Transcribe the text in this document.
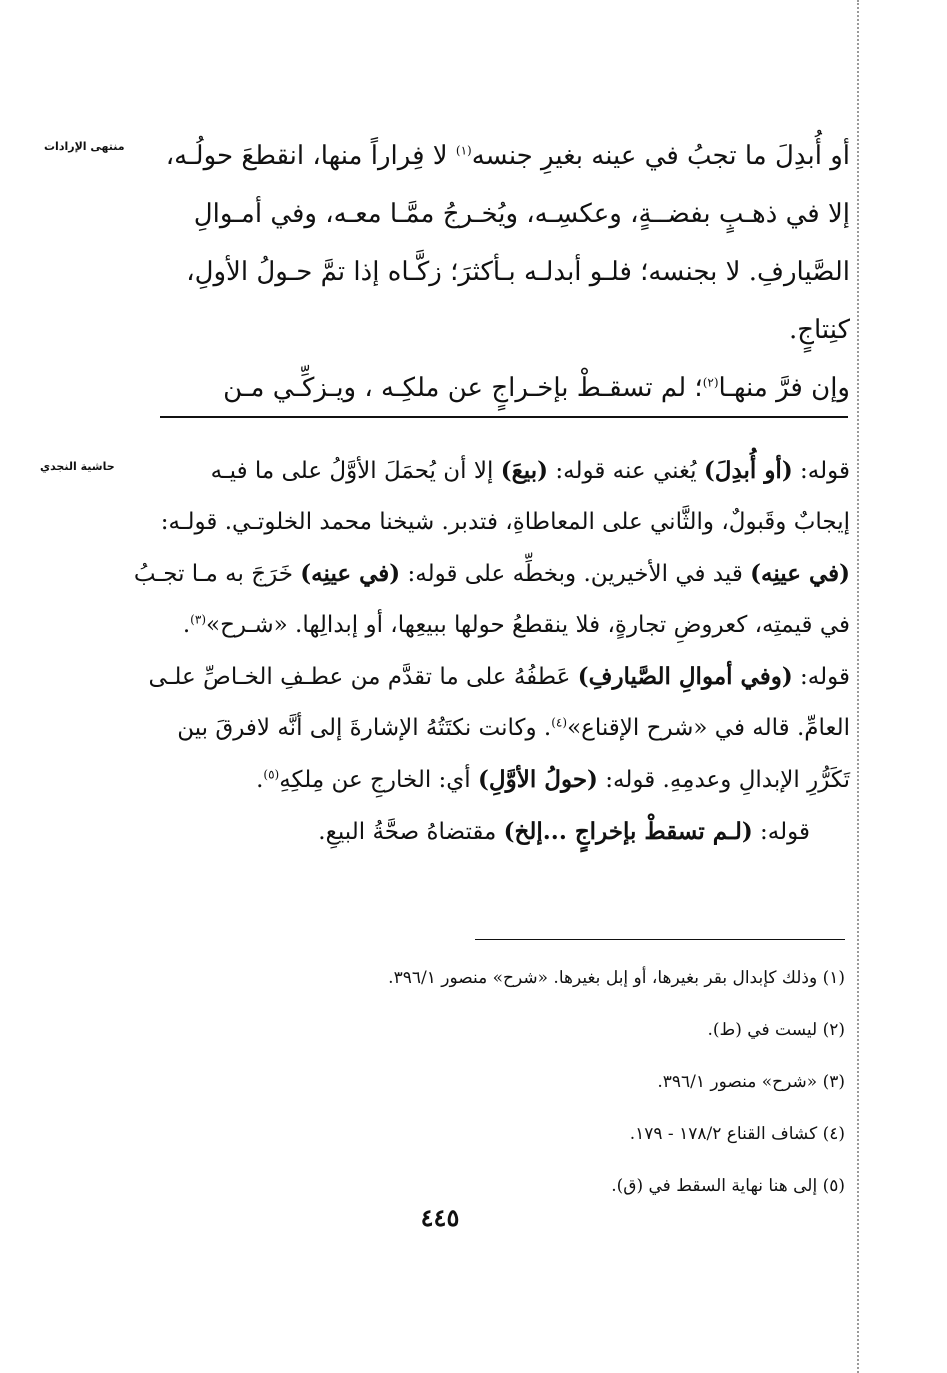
منتهى الإرادات
حاشية النجدي
أو أُبدِلَ ما تجبُ في عينه بغيرِ جنسه$^{(١)}$ لا فِراراً منها، انقطعَ حولُـه،
إلا في ذهـبٍ بفضــةٍ، وعكسِـه، ويُخـرجُ ممَّـا معـه، وفي أمـوالِ
الصَّيارفِ. لا بجنسه؛ فلـو أبدلـه بـأكثرَ؛ زكَّـاه إذا تمَّ حـولُ الأولِ،
كنِتاجٍ.
وإن فرَّ منهـا$^{(٢)}$؛ لم تسقـطْ بإخـراجٍ عن ملكِـه ، ويـزكِّـي مـن
قوله: (أو أُبدِلَ) يُغني عنه قوله: (بيعَ) إلا أن يُحمَلَ الأوَّلُ على ما فيـه
إيجابٌ وقَبولٌ، والثَّاني على المعاطاةِ، فتدبر. شيخنا محمد الخلوتـي. قولـه:
(في عينِه) قيد في الأخيرين. وبخطِّه على قوله: (في عينِه) خَرَجَ به مـا تجـبُ
في قيمتِه، كعروضِ تجارةٍ، فلا ينقطعُ حولها ببيعِها، أو إبدالِها. «شـرح»$^{(٣)}$.
قوله: (وفي أموالِ الصَّيارفِ) عَطفُهُ على ما تقدَّم من عطـفِ الخـاصِّ علـى
العامِّ. قاله في «شرح الإقناع»$^{(٤)}$. وكانت نكتَتُهُ الإشارةَ إلى أنَّه لافرقَ بين
تَكَرُّرِ الإبدالِ وعدمِهِ. قوله: (حولُ الأوَّلِ) أي: الخارجِ عن مِلكِهِ$^{(٥)}$.
قوله: (لـم تسقطْ بإخراجٍ ...إلخ) مقتضاهُ صحَّةُ البيعِ.
(١) وذلك كإبدال بقر بغيرها، أو إبل بغيرها. «شرح» منصور ٣٩٦/١.
(٢) ليست في (ط).
(٣) «شرح» منصور ٣٩٦/١.
(٤) كشاف القناع ١٧٨/٢ - ١٧٩.
(٥) إلى هنا نهاية السقط في (ق).
٤٤٥
